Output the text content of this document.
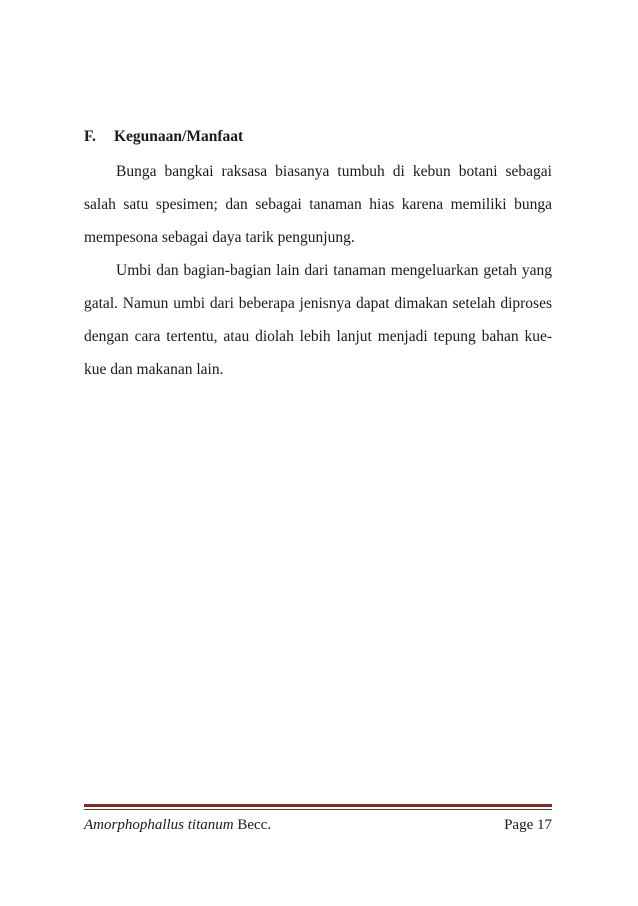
F.	Kegunaan/Manfaat

Bunga bangkai raksasa biasanya tumbuh di kebun botani sebagai salah satu spesimen; dan sebagai tanaman hias karena memiliki bunga mempesona sebagai daya tarik pengunjung.

Umbi dan bagian-bagian lain dari tanaman mengeluarkan getah yang gatal. Namun umbi dari beberapa jenisnya dapat dimakan setelah diproses dengan cara tertentu, atau diolah lebih lanjut menjadi tepung bahan kue-kue dan makanan lain.

Amorphophallus titanum Becc.	Page 17
